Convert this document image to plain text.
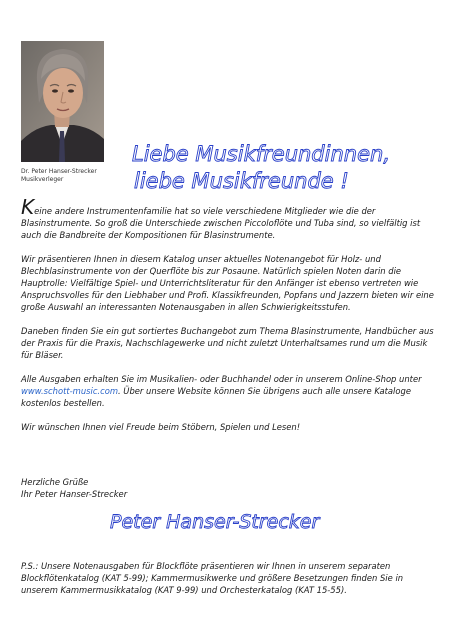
Dr. Peter Hanser-Strecker
Musikverleger
Liebe Musikfreundinnen,
liebe Musikfreunde !

Keine andere Instrumentenfamilie hat so viele verschiedene Mitglieder wie die der Blasinstrumente. So groß die Unterschiede zwischen Piccoloflöte und Tuba sind, so vielfältig ist auch die Bandbreite der Kompositionen für Blasinstrumente.

Wir präsentieren Ihnen in diesem Katalog unser aktuelles Notenangebot für Holz- und Blechblasinstrumente von der Querflöte bis zur Posaune. Natürlich spielen Noten darin die Hauptrolle: Vielfältige Spiel- und Unterrichtsliteratur für den Anfänger ist ebenso vertreten wie Anspruchsvolles für den Liebhaber und Profi. Klassikfreunden, Popfans und Jazzern bieten wir eine große Auswahl an interessanten Notenausgaben in allen Schwierigkeitsstufen.

Daneben finden Sie ein gut sortiertes Buchangebot zum Thema Blasinstrumente, Handbücher aus der Praxis für die Praxis, Nachschlagewerke und nicht zuletzt Unterhaltsames rund um die Musik für Bläser.

Alle Ausgaben erhalten Sie im Musikalien- oder Buchhandel oder in unserem Online-Shop unter www.schott-music.com. Über unsere Website können Sie übrigens auch alle unsere Kataloge kostenlos bestellen.

Wir wünschen Ihnen viel Freude beim Stöbern, Spielen und Lesen!

Herzliche Grüße
Ihr Peter Hanser-Strecker
Peter Hanser-Strecker
P.S.: Unsere Notenausgaben für Blockflöte präsentieren wir Ihnen in unserem separaten Blockflötenkatalog (KAT 5-99); Kammermusikwerke und größere Besetzungen finden Sie in unserem Kammermusikkatalog (KAT 9-99) und Orchesterkatalog (KAT 15-55).
